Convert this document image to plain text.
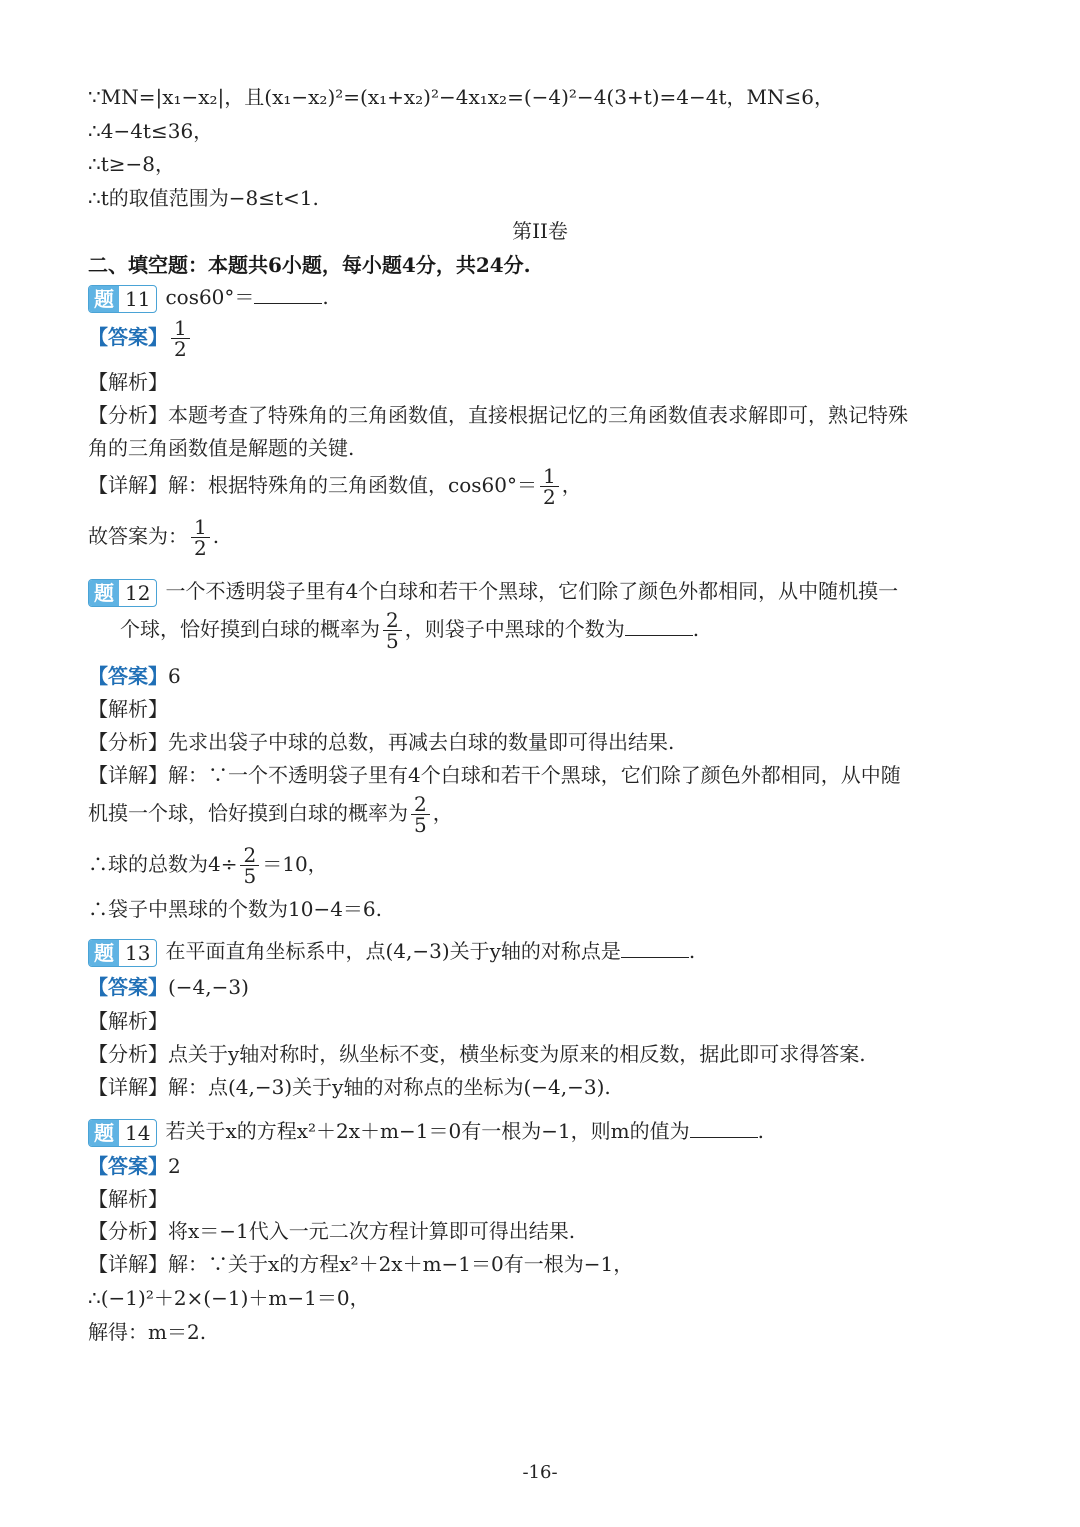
∵MN=|x₁−x₂|，且(x₁−x₂)²=(x₁+x₂)²−4x₁x₂=(−4)²−4(3+t)=4−4t，MN≤6，
∴4−4t≤36，
∴t≥−8，
∴t的取值范围为−8≤t<1.
第II卷
二、填空题：本题共6小题，每小题4分，共24分.
题 11 cos60°＝	.
【答案】 $\frac{1}{2}$
【解析】
【分析】本题考查了特殊角的三角函数值，直接根据记忆的三角函数值表求解即可，熟记特殊
角的三角函数值是解题的关键.
【详解】解：根据特殊角的三角函数值，$\cos 60^\circ= \frac{1}{2}$ ，
故答案为： $\frac{1}{2}$ .
题 12 一个不透明袋子里有4个白球和若干个黑球，它们除了颜色外都相同，从中随机摸一
个球，恰好摸到白球的概率为 $\frac{2}{5}$ ，则袋子中黑球的个数为	.
【答案】6
【解析】
【分析】先求出袋子中球的总数，再减去白球的数量即可得出结果.
【详解】解：∵一个不透明袋子里有4个白球和若干个黑球，它们除了颜色外都相同，从中随
机摸一个球，恰好摸到白球的概率为 $\frac{2}{5}$ ，
∴球的总数为$4\div \frac{2}{5} =10$，
∴袋子中黑球的个数为10−4＝6.
题 13 在平面直角坐标系中，点(4,−3)关于y轴的对称点是	.
【答案】(−4,−3)
【解析】
【分析】点关于y轴对称时，纵坐标不变，横坐标变为原来的相反数，据此即可求得答案.
【详解】解：点(4,−3)关于y轴的对称点的坐标为(−4,−3).
题 14 若关于x的方程x²＋2x＋m−1＝0有一根为−1，则m的值为	.
【答案】2
【解析】
【分析】将x＝−1代入一元二次方程计算即可得出结果.
【详解】解：∵关于x的方程x²＋2x＋m−1＝0有一根为−1，
∴(−1)²＋2×(−1)＋m−1＝0，
解得：m＝2.
-16-
